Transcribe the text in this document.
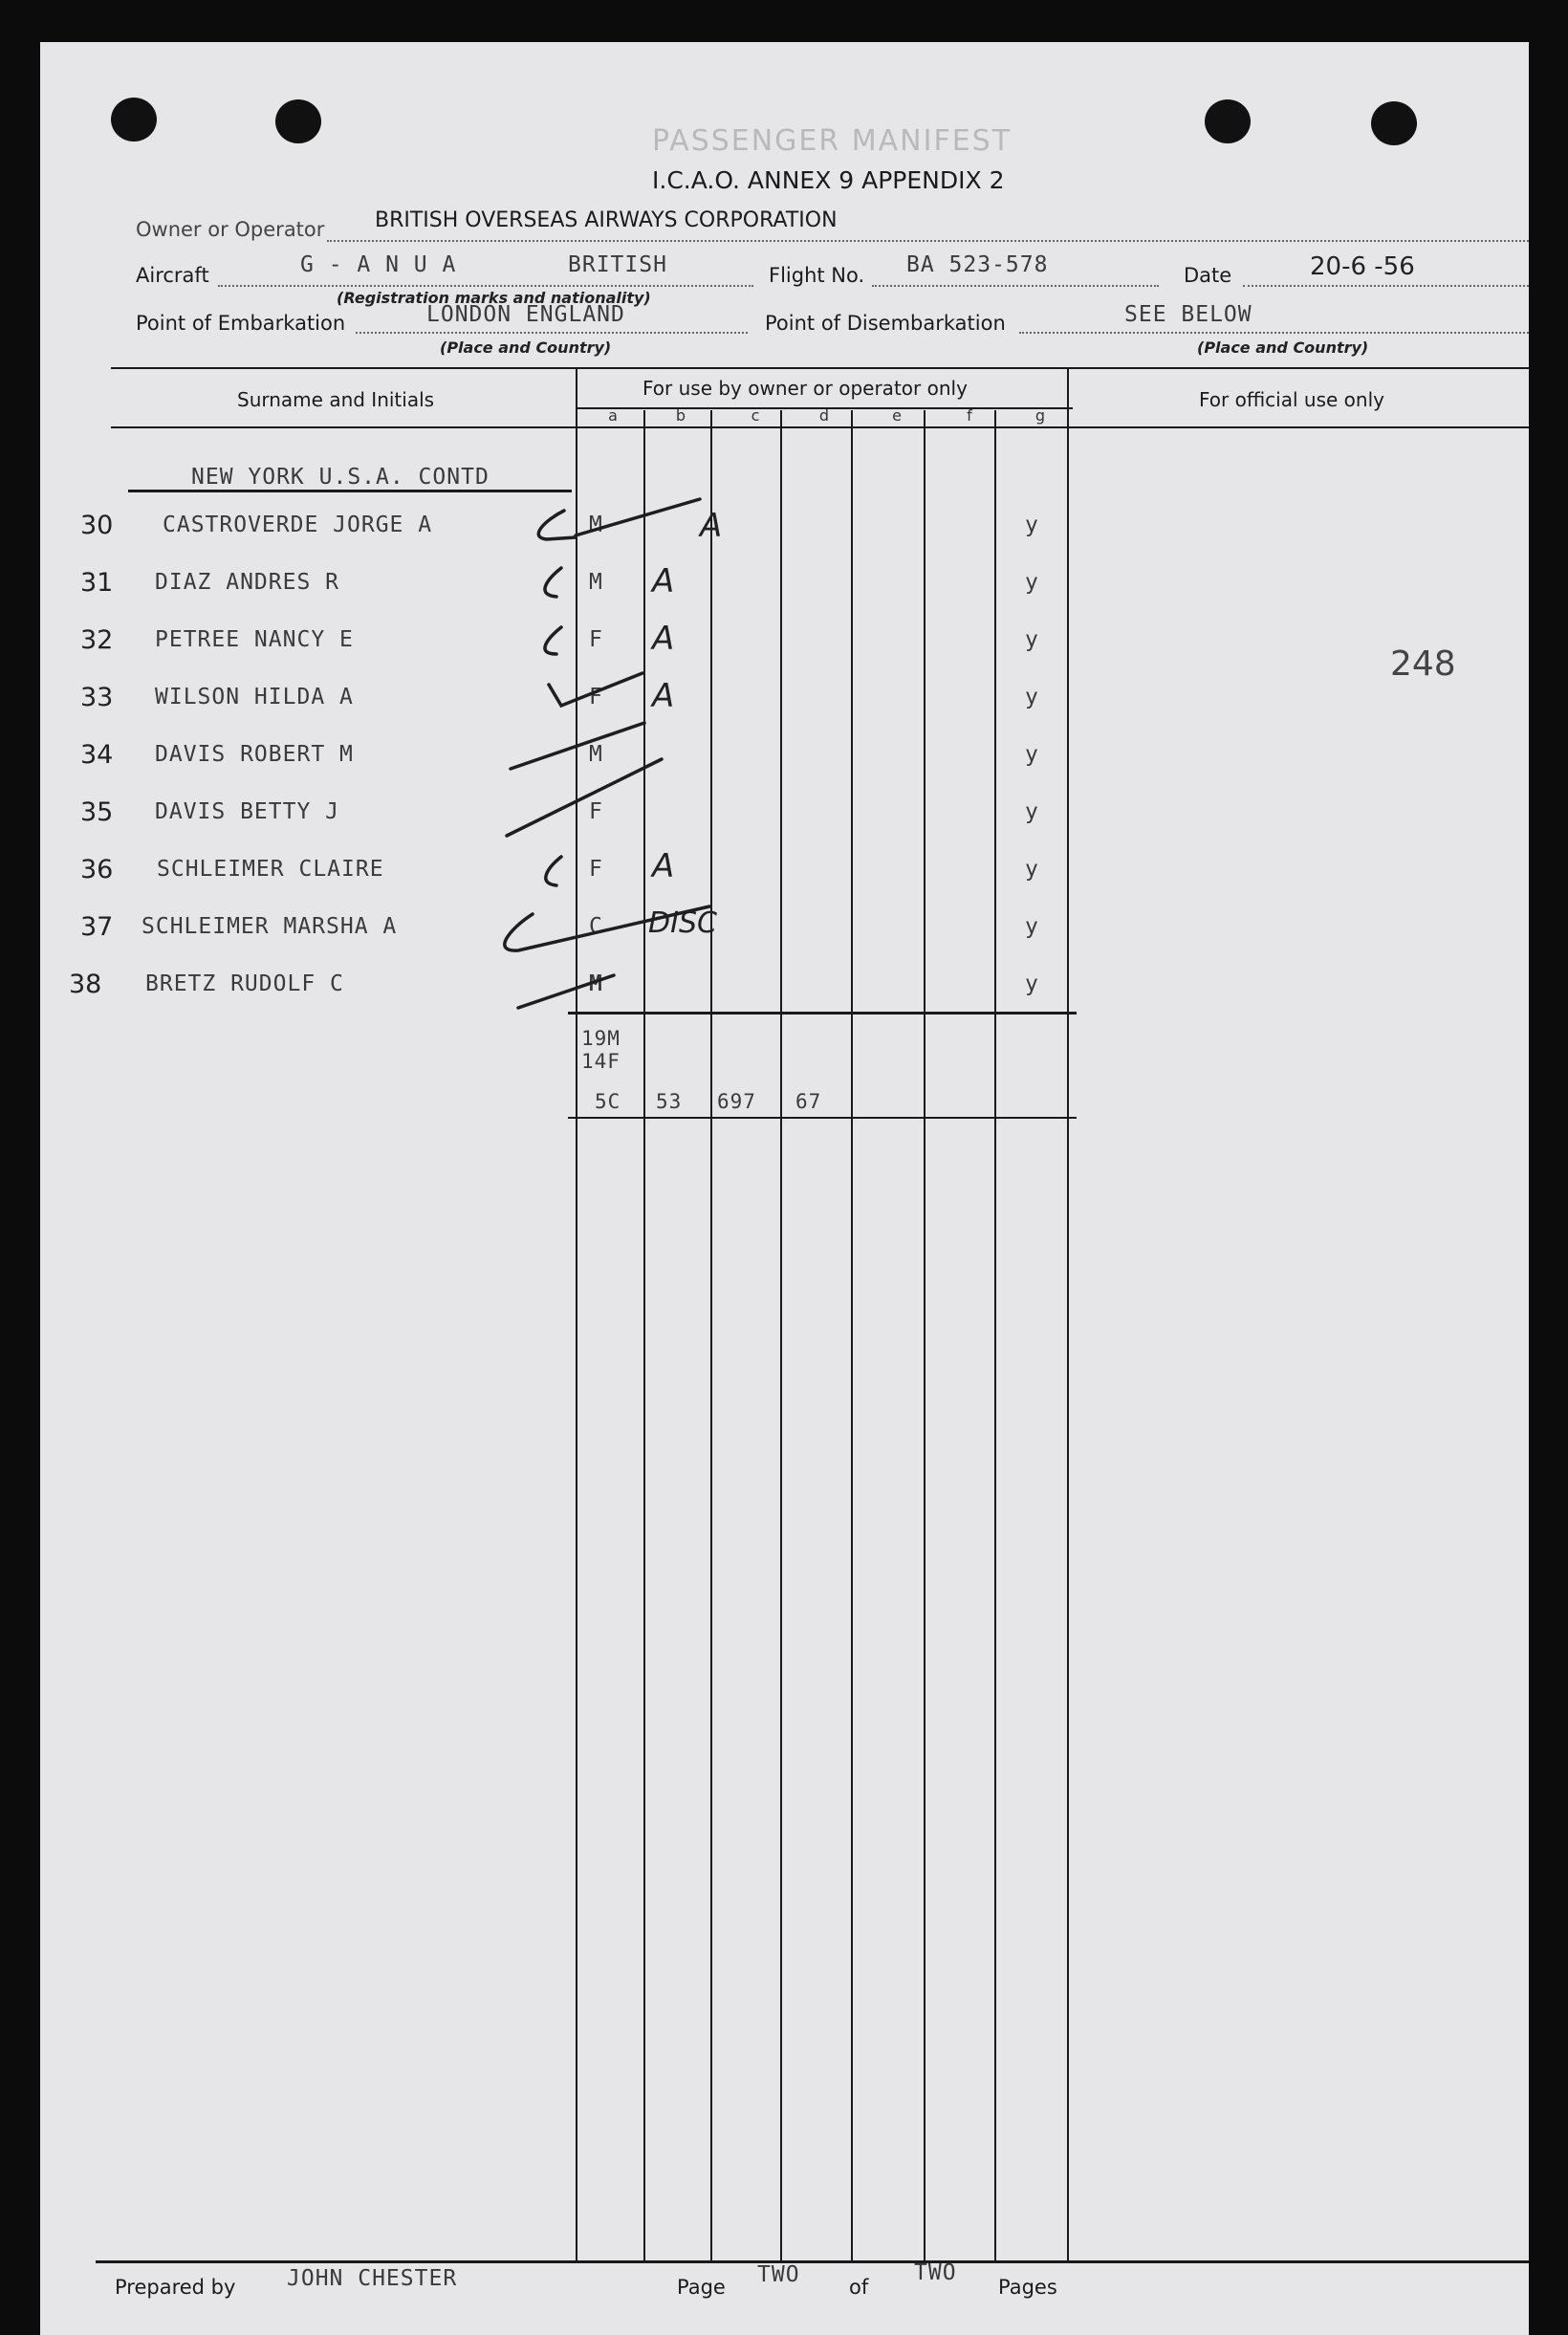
PASSENGER MANIFEST
I.C.A.O. ANNEX 9 APPENDIX 2
Owner or Operator BRITISH OVERSEAS AIRWAYS CORPORATION
Aircraft	G - A N U A	BRITISH
(Registration marks and nationality)
Flight No. BA 523-578	Date	20-6 -56
Point of Embarkation	LONDON ENGLAND
(Place and Country)
Point of Disembarkation	SEE BELOW
(Place and Country)
Surname and Initials	For use by owner or operator only	For official use only
a	b	c	d	e	f	g
NEW YORK U.S.A. CONTD
30 CASTROVERDE JORGE A	M	A	y
31 DIAZ ANDRES R	M A	y
32 PETREE NANCY E	F A	y
33 WILSON HILDA A	F A	y
34 DAVIS ROBERT M	M	y
35 DAVIS BETTY J	F	y
36 SCHLEIMER CLAIRE	F A	y
37 SCHLEIMER MARSHA A	C DISC	y
38 BRETZ RUDOLF C	M	y
19M
14F
5C 53 697 67
248
Prepared by JOHN CHESTER	Page TWO of
TWO
Pages
